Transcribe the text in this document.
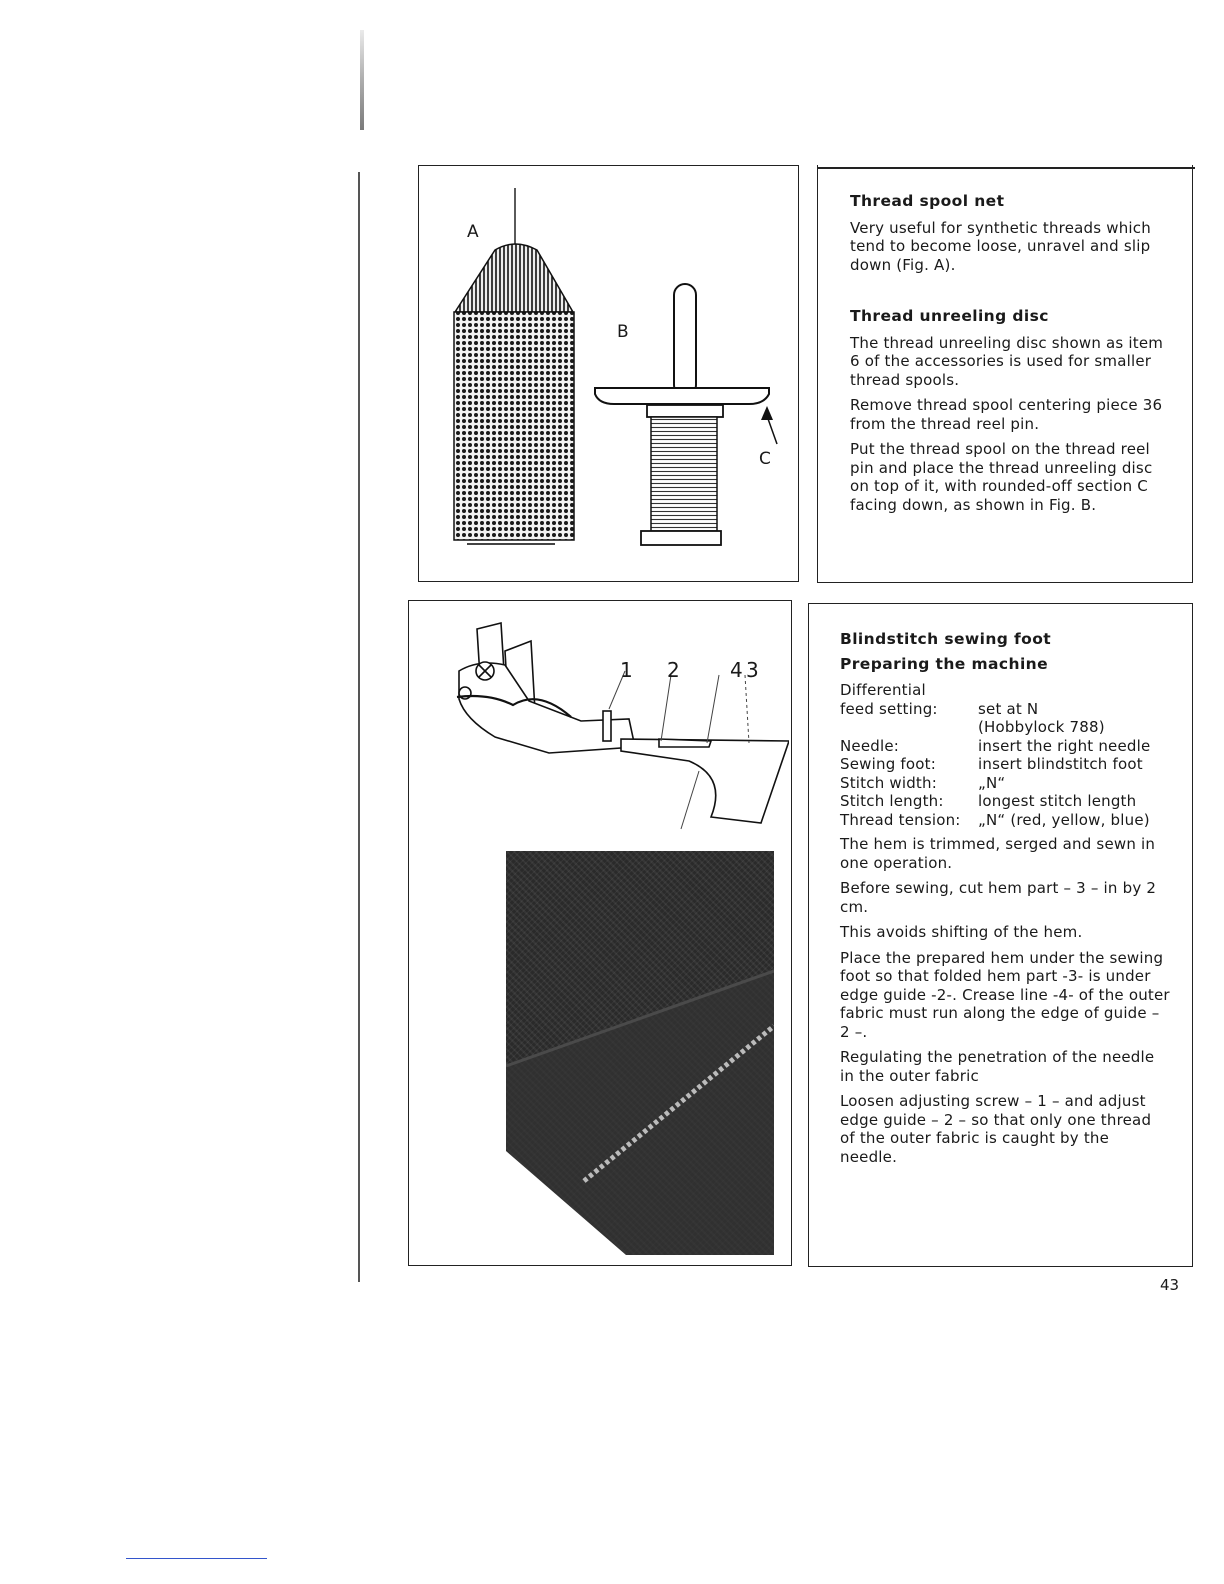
A
B
C
Thread spool net

Very useful for synthetic threads which tend to become loose, unravel and slip down (Fig. A).

Thread unreeling disc

The thread unreeling disc shown as item 6 of the accessories is used for smaller thread spools.

Remove thread spool centering piece 36 from the thread reel pin.

Put the thread spool on the thread reel pin and place the thread unreeling disc on top of it, with rounded-off section C facing down, as shown in Fig. B.

1 2	4 3
Blindstitch sewing foot
Preparing the machine
Differential
feed setting:	set at N
(Hobbylock 788)
Needle:	insert the right needle
Sewing foot:	insert blindstitch foot
Stitch width:	„N“
Stitch length:	longest stitch length
Thread tension:	„N“ (red, yellow, blue)

The hem is trimmed, serged and sewn in one operation.

Before sewing, cut hem part – 3 – in by 2 cm.

This avoids shifting of the hem.

Place the prepared hem under the sewing foot so that folded hem part -3- is under edge guide -2-. Crease line -4- of the outer fabric must run along the edge of guide – 2 –.

Regulating the penetration of the needle in the outer fabric

Loosen adjusting screw – 1 – and adjust edge guide – 2 – so that only one thread of the outer fabric is caught by the needle.

43
